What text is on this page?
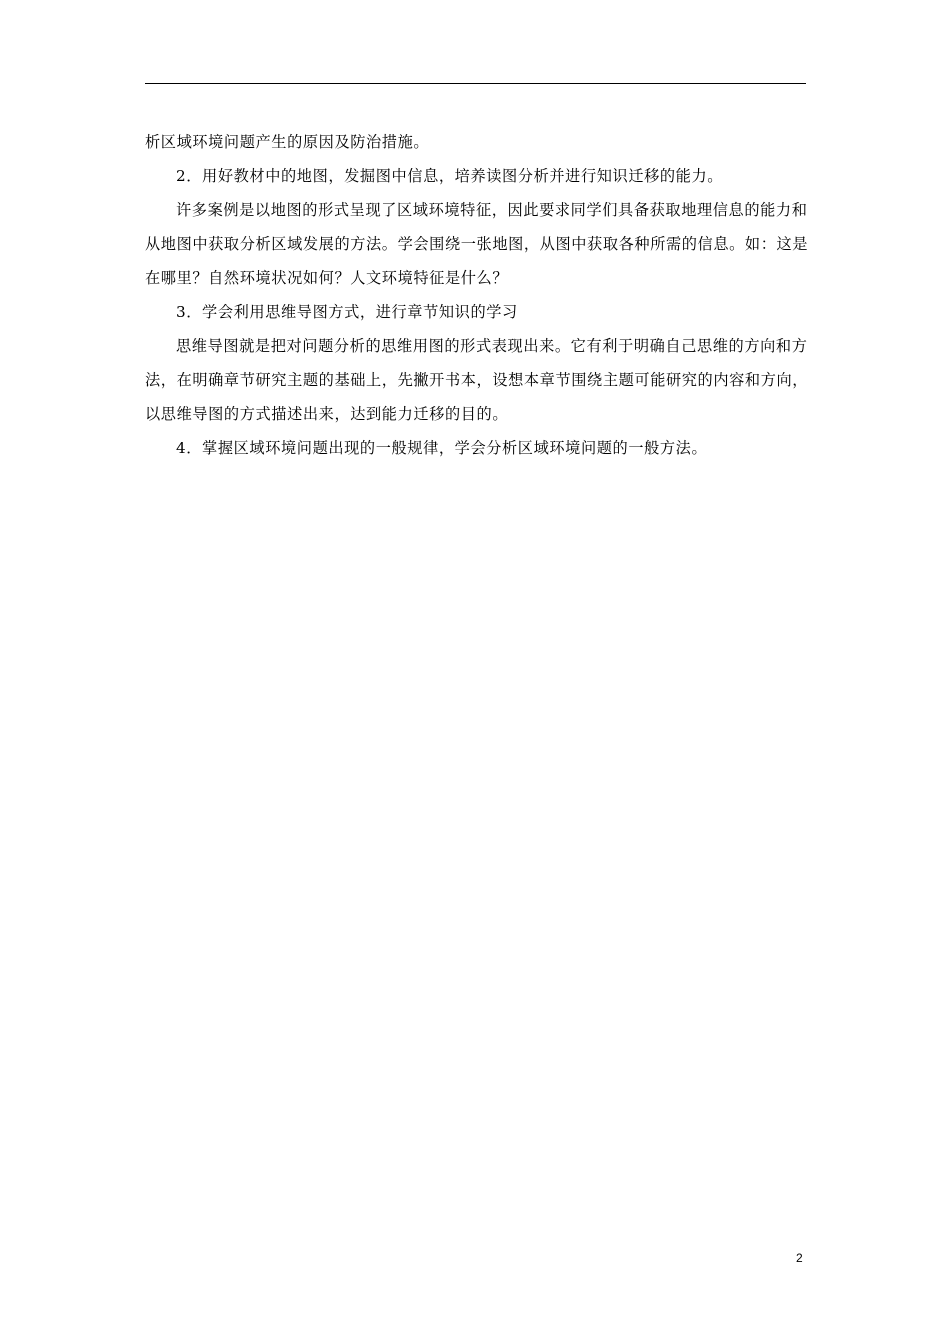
析区域环境问题产生的原因及防治措施。

2．用好教材中的地图，发掘图中信息，培养读图分析并进行知识迁移的能力。

许多案例是以地图的形式呈现了区域环境特征，因此要求同学们具备获取地理信息的能力和从地图中获取分析区域发展的方法。学会围绕一张地图，从图中获取各种所需的信息。如：这是在哪里？自然环境状况如何？人文环境特征是什么？

3．学会利用思维导图方式，进行章节知识的学习

思维导图就是把对问题分析的思维用图的形式表现出来。它有利于明确自己思维的方向和方法，在明确章节研究主题的基础上，先撇开书本，设想本章节围绕主题可能研究的内容和方向，以思维导图的方式描述出来，达到能力迁移的目的。

4．掌握区域环境问题出现的一般规律，学会分析区域环境问题的一般方法。

2
